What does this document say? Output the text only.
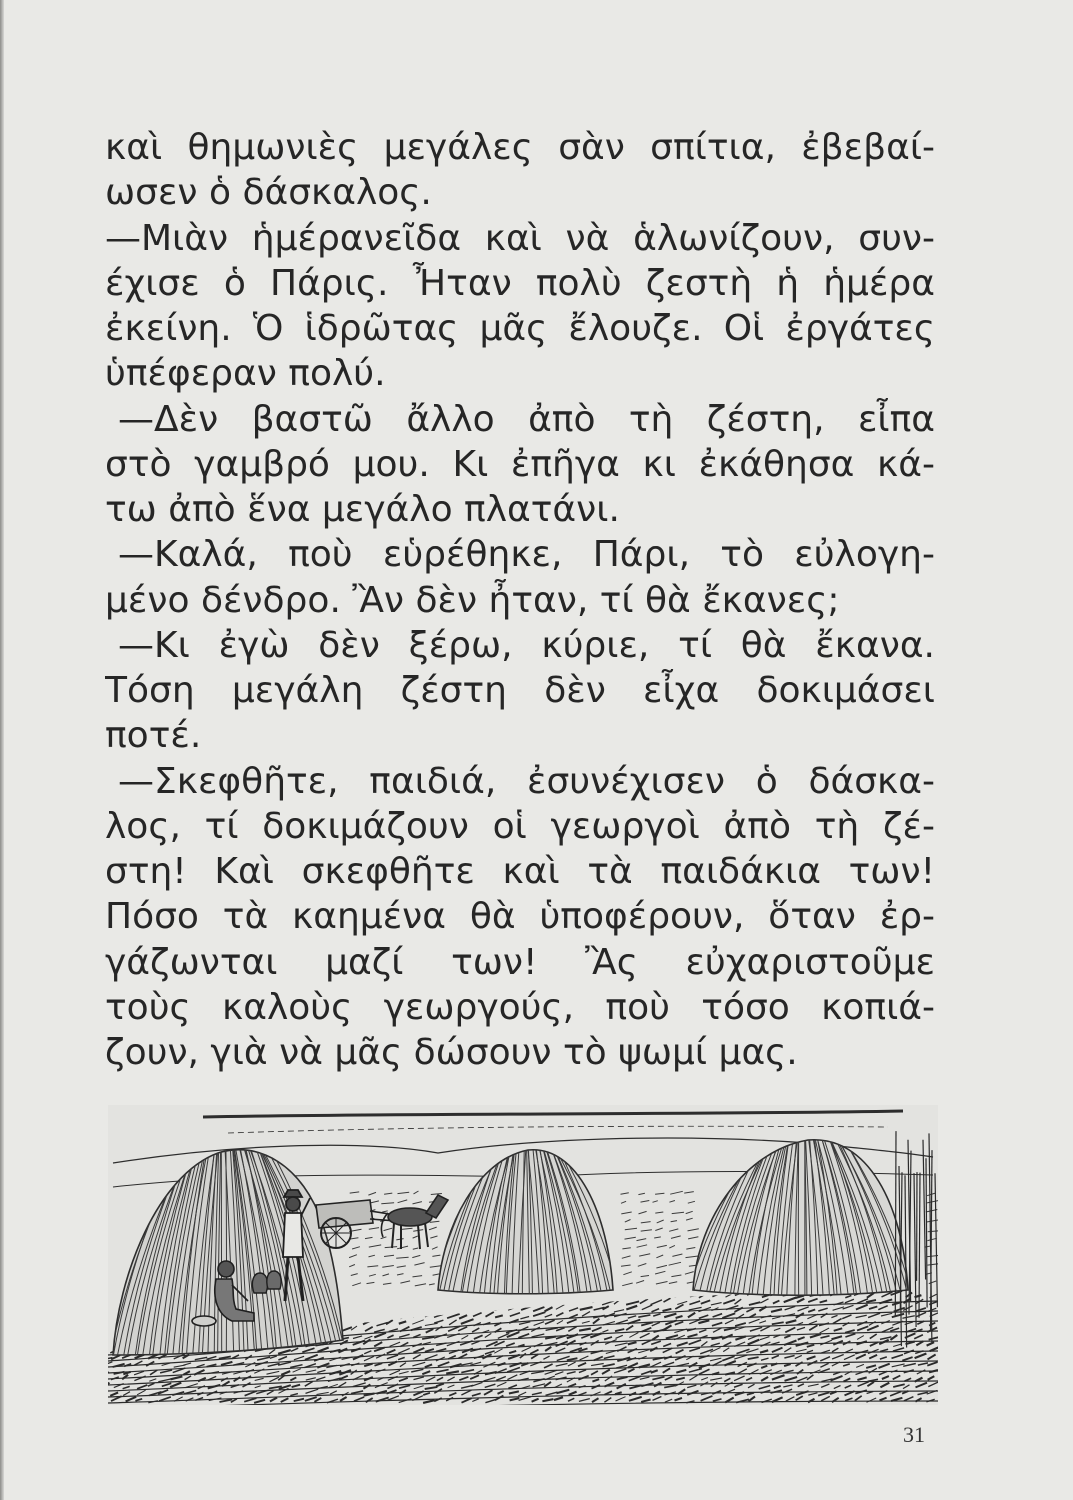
καὶ θημωνιὲς μεγάλες σὰν σπίτια, ἐβεβαί-
ωσεν ὁ δάσκαλος.
—Μιὰν ἡμέρανεῖδα καὶ νὰ ἁλωνίζουν, συν-
έχισε ὁ Πάρις. Ἦταν πολὺ ζεστὴ ἡ ἡμέρα
ἐκείνη. Ὁ ἱδρῶτας μᾶς ἔλουζε. Οἱ ἐργάτες
ὑπέφεραν πολύ.
—Δὲν βαστῶ ἄλλο ἀπὸ τὴ ζέστη, εἶπα
στὸ γαμβρό μου. Κι ἐπῆγα κι ἐκάθησα κά-
τω ἀπὸ ἕνα μεγάλο πλατάνι.
—Καλά, ποὺ εὑρέθηκε, Πάρι, τὸ εὐλογη-
μένο δένδρο. Ἂν δὲν ἦταν, τί θὰ ἔκανες;
—Κι ἐγὼ δὲν ξέρω, κύριε, τί θὰ ἔκανα.
Τόση μεγάλη ζέστη δὲν εἶχα δοκιμάσει
ποτέ.
—Σκεφθῆτε, παιδιά, ἐσυνέχισεν ὁ δάσκα-
λος, τί δοκιμάζουν οἱ γεωργοὶ ἀπὸ τὴ ζέ-
στη! Καὶ σκεφθῆτε καὶ τὰ παιδάκια των!
Πόσο τὰ καημένα θὰ ὑποφέρουν, ὅταν ἐρ-
γάζωνται μαζί των! Ἂς εὐχαριστοῦμε
τοὺς καλοὺς γεωργούς, ποὺ τόσο κοπιά-
ζουν, γιὰ νὰ μᾶς δώσουν τὸ ψωμί μας.
31
